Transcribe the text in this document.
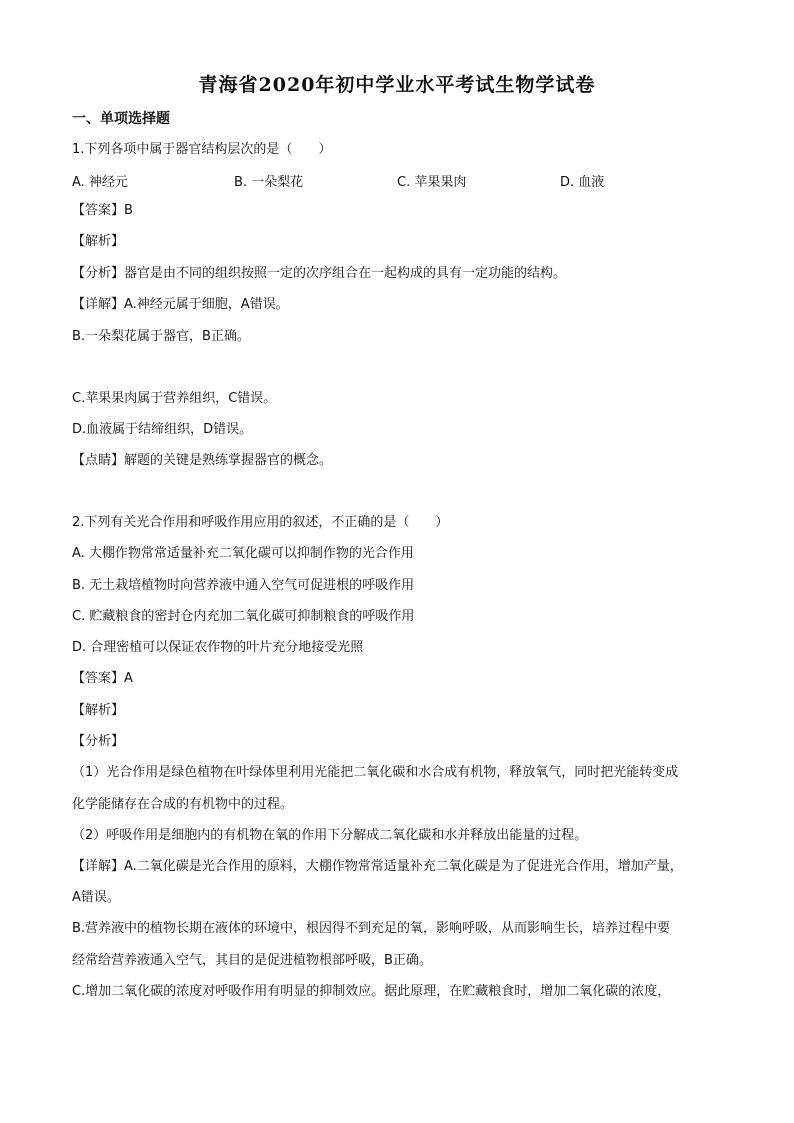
青海省2020年初中学业水平考试生物学试卷
一、单项选择题
1.下列各项中属于器官结构层次的是（　　）
A. 神经元	B. 一朵梨花	C. 苹果果肉	D. 血液
【答案】B
【解析】
【分析】器官是由不同的组织按照一定的次序组合在一起构成的具有一定功能的结构。
【详解】A.神经元属于细胞，A错误。
B.一朵梨花属于器官，B正确。
C.苹果果肉属于营养组织，C错误。
D.血液属于结缔组织，D错误。
【点睛】解题的关键是熟练掌握器官的概念。
2.下列有关光合作用和呼吸作用应用的叙述，不正确的是（　　）
A. 大棚作物常常适量补充二氧化碳可以抑制作物的光合作用
B. 无土栽培植物时向营养液中通入空气可促进根的呼吸作用
C. 贮藏粮食的密封仓内充加二氧化碳可抑制粮食的呼吸作用
D. 合理密植可以保证农作物的叶片充分地接受光照
【答案】A
【解析】
【分析】
（1）光合作用是绿色植物在叶绿体里利用光能把二氧化碳和水合成有机物，释放氧气，同时把光能转变成
化学能储存在合成的有机物中的过程。
（2）呼吸作用是细胞内的有机物在氧的作用下分解成二氧化碳和水并释放出能量的过程。
【详解】A.二氧化碳是光合作用的原料，大棚作物常常适量补充二氧化碳是为了促进光合作用，增加产量，
A错误。
B.营养液中的植物长期在液体的环境中，根因得不到充足的氧，影响呼吸，从而影响生长，培养过程中要
经常给营养液通入空气，其目的是促进植物根部呼吸，B正确。
C.增加二氧化碳的浓度对呼吸作用有明显的抑制效应。据此原理，在贮藏粮食时，增加二氧化碳的浓度，
